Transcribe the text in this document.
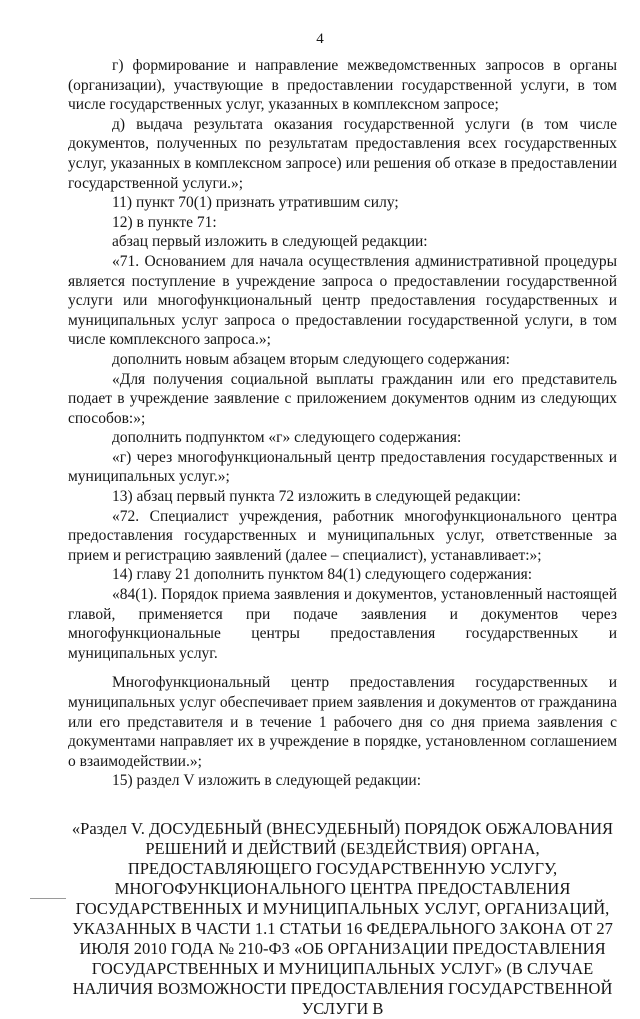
4

г) формирование и направление межведомственных запросов в органы (организации), участвующие в предоставлении государственной услуги, в том числе государственных услуг, указанных в комплексном запросе;

д) выдача результата оказания государственной услуги (в том числе документов, полученных по результатам предоставления всех государственных услуг, указанных в комплексном запросе) или решения об отказе в предоставлении государственной услуги.»;

11) пункт 70(1) признать утратившим силу;

12) в пункте 71:

абзац первый изложить в следующей редакции:

«71. Основанием для начала осуществления административной процедуры является поступление в учреждение запроса о предоставлении государственной услуги или многофункциональный центр предоставления государственных и муниципальных услуг запроса о предоставлении государственной услуги, в том числе комплексного запроса.»;

дополнить новым абзацем вторым следующего содержания:

«Для получения социальной выплаты гражданин или его представитель подает в учреждение заявление с приложением документов одним из следующих способов:»;

дополнить подпунктом «г» следующего содержания:

«г) через многофункциональный центр предоставления государственных и муниципальных услуг.»;

13) абзац первый пункта 72 изложить в следующей редакции:

«72. Специалист учреждения, работник многофункционального центра предоставления государственных и муниципальных услуг, ответственные за прием и регистрацию заявлений (далее – специалист), устанавливает:»;

14) главу 21 дополнить пунктом 84(1) следующего содержания:

«84(1). Порядок приема заявления и документов, установленный настоящей главой, применяется при подаче заявления и документов через многофункциональные центры предоставления государственных и муниципальных услуг.

Многофункциональный центр предоставления государственных и муниципальных услуг обеспечивает прием заявления и документов от гражданина или его представителя и в течение 1 рабочего дня со дня приема заявления с документами направляет их в учреждение в порядке, установленном соглашением о взаимодействии.»;

15) раздел V изложить в следующей редакции:

«Раздел V. ДОСУДЕБНЫЙ (ВНЕСУДЕБНЫЙ) ПОРЯДОК ОБЖАЛОВАНИЯ РЕШЕНИЙ И ДЕЙСТВИЙ (БЕЗДЕЙСТВИЯ) ОРГАНА, ПРЕДОСТАВЛЯЮЩЕГО ГОСУДАРСТВЕННУЮ УСЛУГУ, МНОГОФУНКЦИОНАЛЬНОГО ЦЕНТРА ПРЕДОСТАВЛЕНИЯ ГОСУДАРСТВЕННЫХ И МУНИЦИПАЛЬНЫХ УСЛУГ, ОРГАНИЗАЦИЙ, УКАЗАННЫХ В ЧАСТИ 1.1 СТАТЬИ 16 ФЕДЕРАЛЬНОГО ЗАКОНА ОТ 27 ИЮЛЯ 2010 ГОДА № 210-ФЗ «ОБ ОРГАНИЗАЦИИ ПРЕДОСТАВЛЕНИЯ ГОСУДАРСТВЕННЫХ И МУНИЦИПАЛЬНЫХ УСЛУГ» (В СЛУЧАЕ НАЛИЧИЯ ВОЗМОЖНОСТИ ПРЕДОСТАВЛЕНИЯ ГОСУДАРСТВЕННОЙ УСЛУГИ В
